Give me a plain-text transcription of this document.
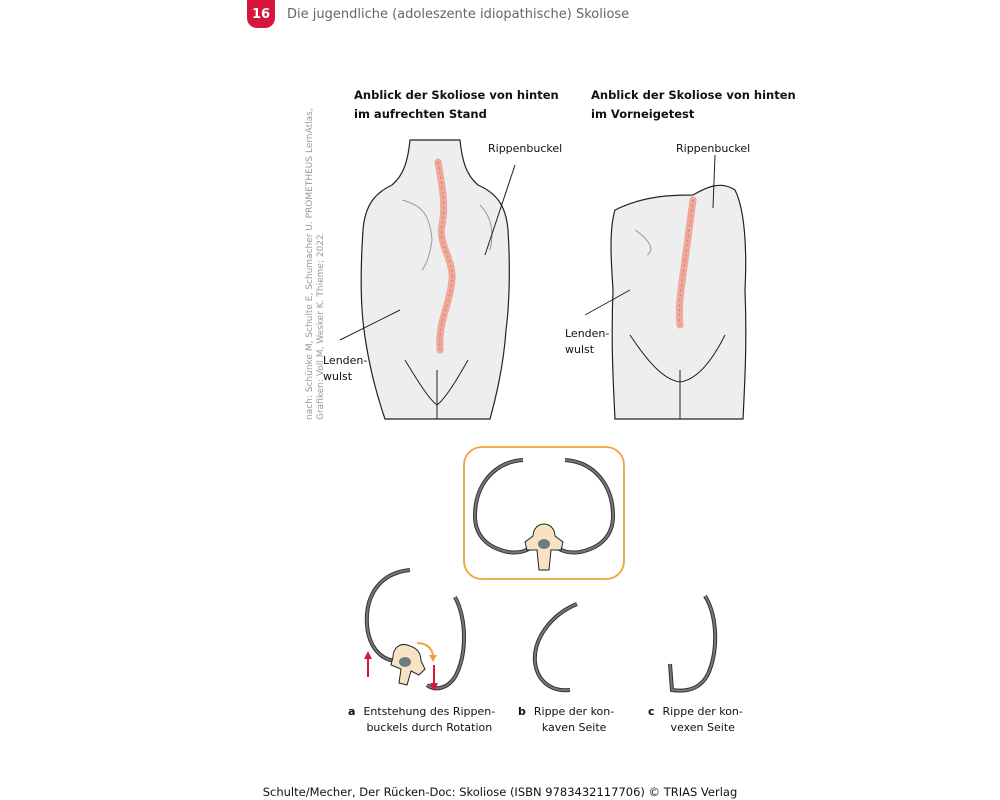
16	Die jugendliche (adoleszente idiopathische) Skoliose
Anblick der Skoliose von hinten
im aufrechten Stand
Anblick der Skoliose von hinten
im Vorneigetest
nach: Schünke M, Schulte E, Schumacher U. PROMETHEUS LernAtlas, Grafiken: Voll M, Wesker K. Thieme; 2022
Rippenbuckel
Lenden-
wulst
Rippenbuckel
Lenden-
wulst
a Entstehung des Rippen-
buckels durch Rotation
b Rippe der kon-
kaven Seite
c Rippe der kon-
vexen Seite
Schulte/Mecher, Der Rücken-Doc: Skoliose (ISBN 9783432117706) © TRIAS Verlag
